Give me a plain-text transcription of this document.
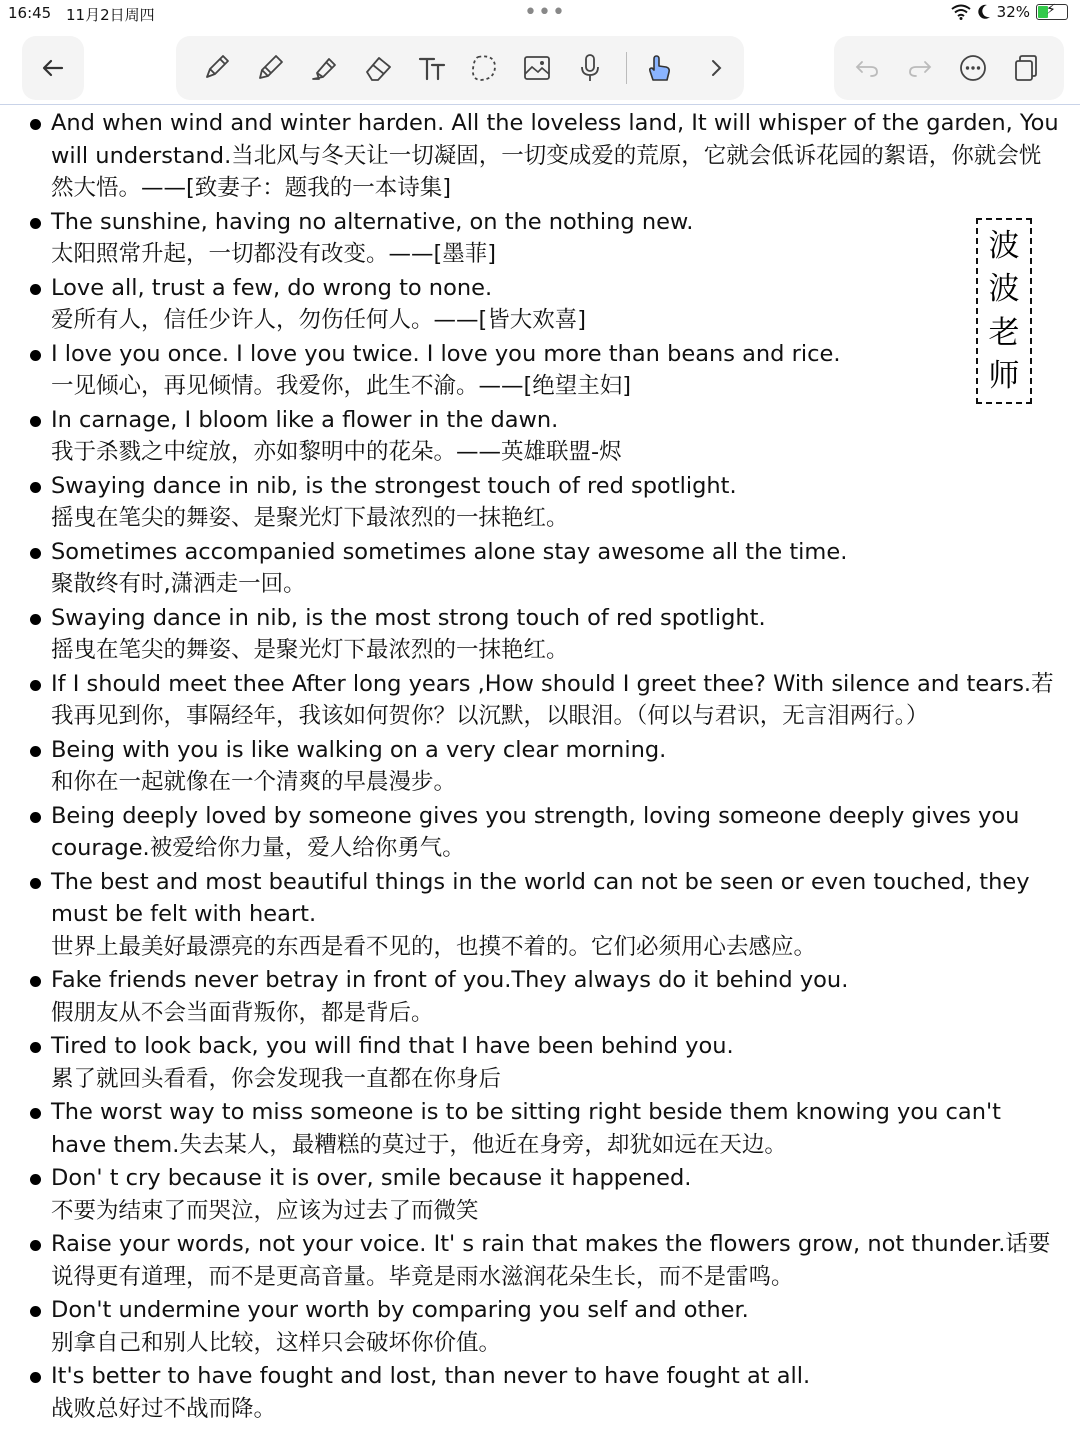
16:45 11月2日周四	•••	32% ⚡
And when wind and winter harden. All the loveless land, It will whisper of the garden, You will understand.当北风与冬天让一切凝固，一切变成爱的荒原，它就会低诉花园的絮语，你就会恍然大悟。——[致妻子：题我的一本诗集]
The sunshine, having no alternative, on the nothing new.
太阳照常升起，一切都没有改变。——[墨菲]
Love all, trust a few, do wrong to none.
爱所有人，信任少许人，勿伤任何人。——[皆大欢喜]
I love you once. I love you twice. I love you more than beans and rice.
一见倾心，再见倾情。我爱你，此生不渝。——[绝望主妇]
In carnage, I bloom like a flower in the dawn.
我于杀戮之中绽放，亦如黎明中的花朵。——英雄联盟-烬
Swaying dance in nib, is the strongest touch of red spotlight.
摇曳在笔尖的舞姿、是聚光灯下最浓烈的一抹艳红。
Sometimes accompanied sometimes alone stay awesome all the time.
聚散终有时,潇洒走一回。
Swaying dance in nib, is the most strong touch of red spotlight.
摇曳在笔尖的舞姿、是聚光灯下最浓烈的一抹艳红。
If I should meet thee After long years ,How should I greet thee? With silence and tears.若我再见到你，事隔经年，我该如何贺你？以沉默，以眼泪。（何以与君识，无言泪两行。）
Being with you is like walking on a very clear morning.
和你在一起就像在一个清爽的早晨漫步。
Being deeply loved by someone gives you strength, loving someone deeply gives you courage.被爱给你力量，爱人给你勇气。
The best and most beautiful things in the world can not be seen or even touched, they must be felt with heart.
世界上最美好最漂亮的东西是看不见的，也摸不着的。它们必须用心去感应。
Fake friends never betray in front of you.They always do it behind you.
假朋友从不会当面背叛你，都是背后。
Tired to look back, you will find that I have been behind you.
累了就回头看看，你会发现我一直都在你身后
The worst way to miss someone is to be sitting right beside them knowing you can't have them.失去某人，最糟糕的莫过于，他近在身旁，却犹如远在天边。
Don' t cry because it is over, smile because it happened.
不要为结束了而哭泣，应该为过去了而微笑
Raise your words, not your voice. It' s rain that makes the flowers grow, not thunder.话要说得更有道理，而不是更高音量。毕竟是雨水滋润花朵生长，而不是雷鸣。
Don't undermine your worth by comparing you self and other.
别拿自己和别人比较，这样只会破坏你价值。
It's better to have fought and lost, than never to have fought at all.
战败总好过不战而降。
波
波
老
师
